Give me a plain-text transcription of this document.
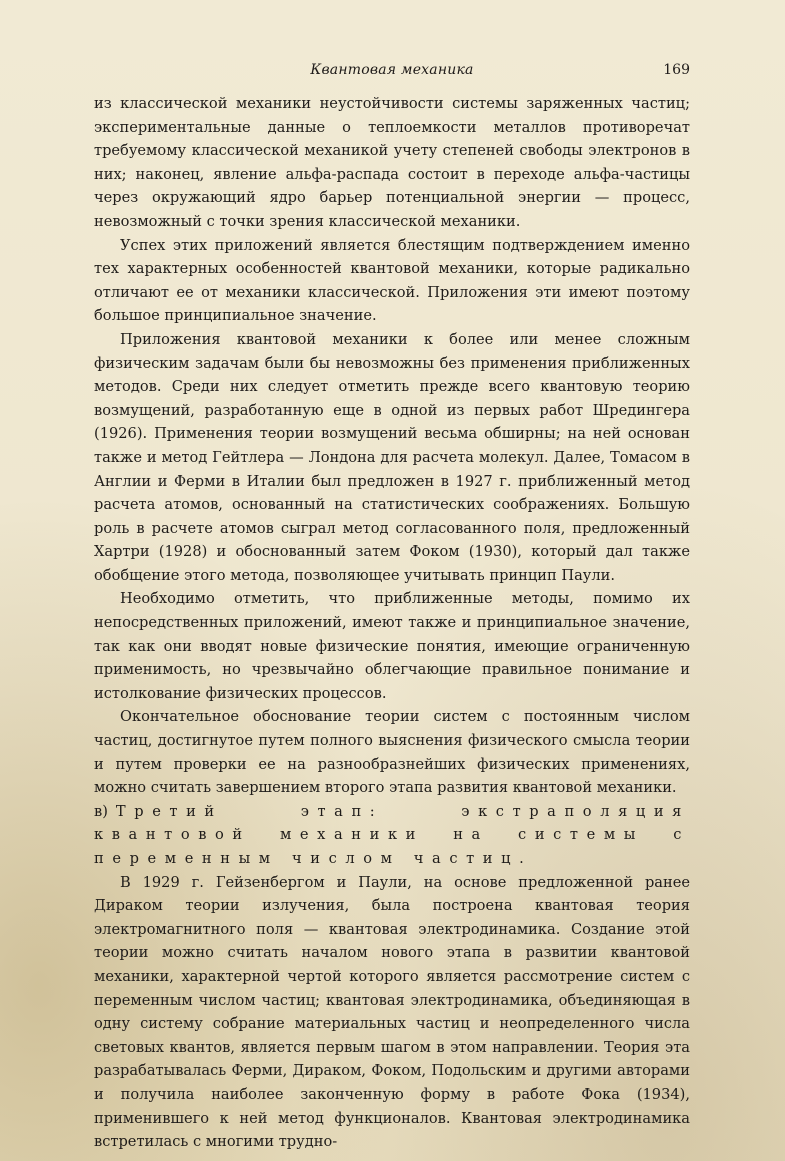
Квантовая механика	169

из классической механики неустойчивости системы заряженных частиц; экспериментальные данные о теплоемкости металлов противоречат требуемому классической механикой учету степеней свободы электронов в них; наконец, явление альфа-распада состоит в переходе альфа-частицы через окружающий ядро барьер потенциальной энергии — процесс, невозможный с точки зрения классической механики.

Успех этих приложений является блестящим подтверждением именно тех характерных особенностей квантовой механики, которые радикально отличают ее от механики классической. Приложения эти имеют поэтому большое принципиальное значение.

Приложения квантовой механики к более или менее сложным физическим задачам были бы невозможны без применения приближенных методов. Среди них следует отметить прежде всего квантовую теорию возмущений, разработанную еще в одной из первых работ Шредингера (1926). Применения теории возмущений весьма обширны; на ней основан также и метод Гейтлера — Лондона для расчета молекул. Далее, Томасом в Англии и Ферми в Италии был предложен в 1927 г. приближенный метод расчета атомов, основанный на статистических соображениях. Большую роль в расчете атомов сыграл метод согласованного поля, предложенный Хартри (1928) и обоснованный затем Фоком (1930), который дал также обобщение этого метода, позволяющее учитывать принцип Паули.

Необходимо отметить, что приближенные методы, помимо их непосредственных приложений, имеют также и принципиальное значение, так как они вводят новые физические понятия, имеющие ограниченную применимость, но чрезвычайно облегчающие правильное понимание и истолкование физических процессов.

Окончательное обоснование теории систем с постоянным числом частиц, достигнутое путем полного выяснения физического смысла теории и путем проверки ее на разнообразнейших физических применениях, можно считать завершением второго этапа развития квантовой механики.

в) Третий этап: экстраполяция квантовой механики на системы с переменным числом частиц.

В 1929 г. Гейзенбергом и Паули, на основе предложенной ранее Дираком теории излучения, была построена квантовая теория электромагнитного поля — квантовая электродинамика. Создание этой теории можно считать началом нового этапа в развитии квантовой механики, характерной чертой которого является рассмотрение систем с переменным числом частиц; квантовая электродинамика, объединяющая в одну систему собрание материальных частиц и неопределенного числа световых квантов, является первым шагом в этом направлении. Теория эта разрабатывалась Ферми, Дираком, Фоком, Подольским и другими авторами и получила наиболее законченную форму в работе Фока (1934), применившего к ней метод функционалов. Квантовая электродинамика встретилась с многими трудно-
